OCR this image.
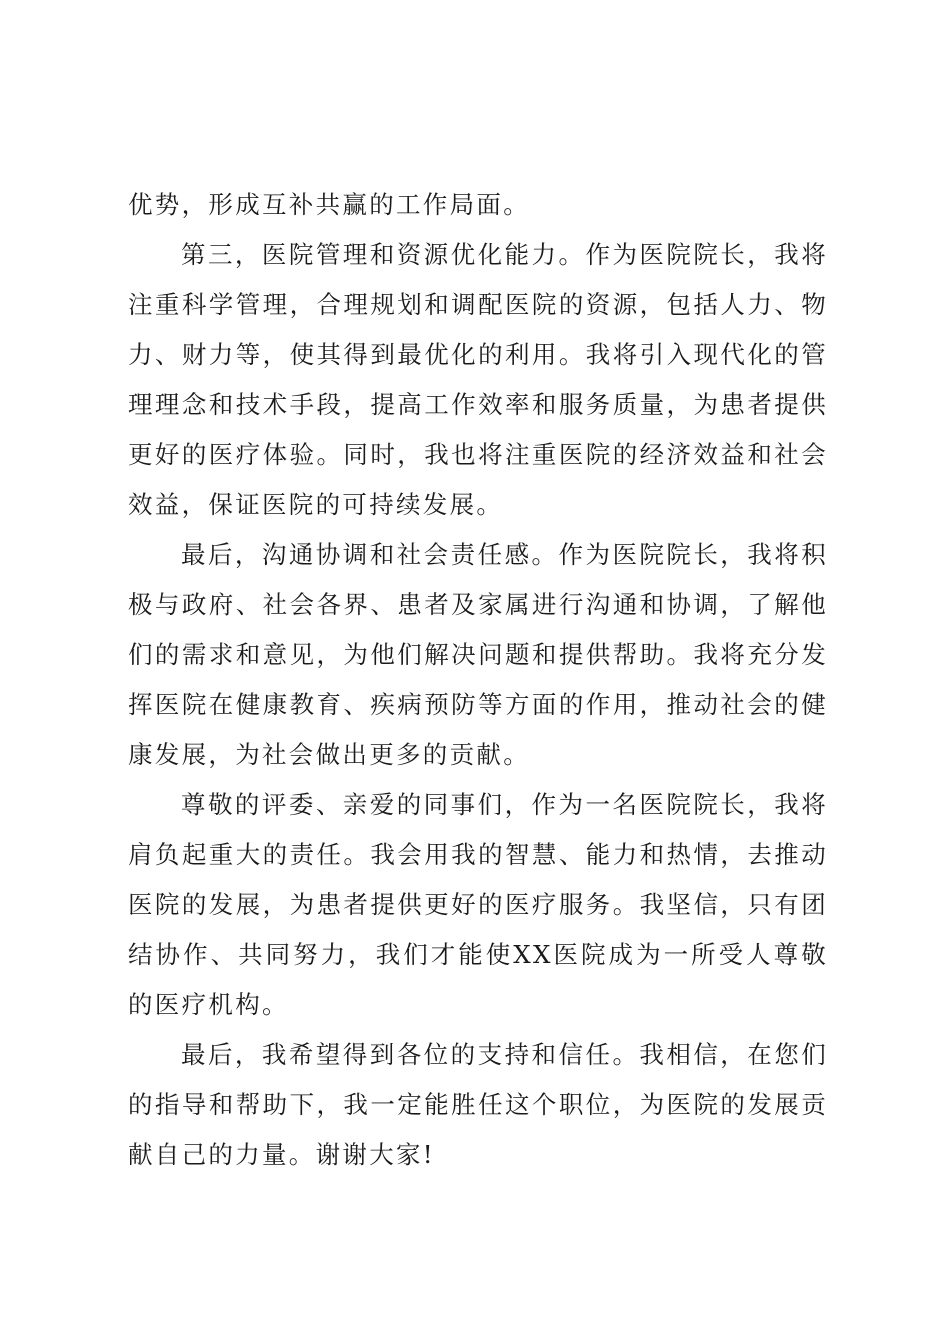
优势，形成互补共赢的工作局面。

第三，医院管理和资源优化能力。作为医院院长，我将注重科学管理，合理规划和调配医院的资源，包括人力、物力、财力等，使其得到最优化的利用。我将引入现代化的管理理念和技术手段，提高工作效率和服务质量，为患者提供更好的医疗体验。同时，我也将注重医院的经济效益和社会效益，保证医院的可持续发展。

最后，沟通协调和社会责任感。作为医院院长，我将积极与政府、社会各界、患者及家属进行沟通和协调，了解他们的需求和意见，为他们解决问题和提供帮助。我将充分发挥医院在健康教育、疾病预防等方面的作用，推动社会的健康发展，为社会做出更多的贡献。

尊敬的评委、亲爱的同事们，作为一名医院院长，我将肩负起重大的责任。我会用我的智慧、能力和热情，去推动医院的发展，为患者提供更好的医疗服务。我坚信，只有团结协作、共同努力，我们才能使XX医院成为一所受人尊敬的医疗机构。

最后，我希望得到各位的支持和信任。我相信，在您们的指导和帮助下，我一定能胜任这个职位，为医院的发展贡献自己的力量。谢谢大家!
